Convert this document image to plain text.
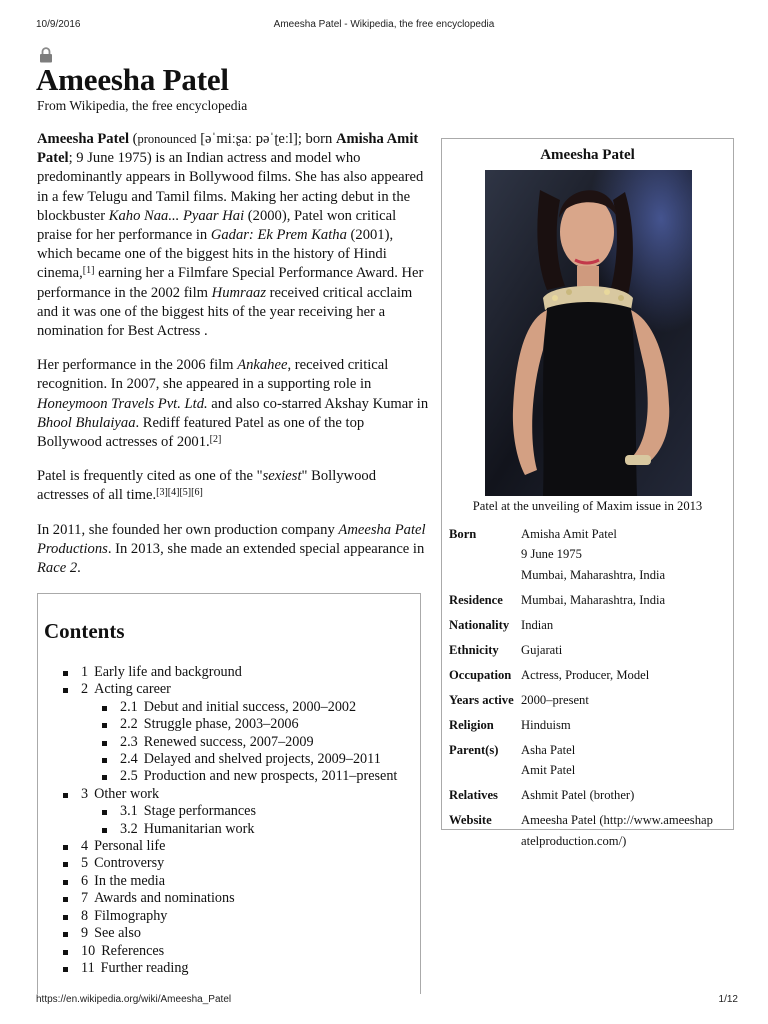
10/9/2016	Ameesha Patel - Wikipedia, the free encyclopedia
Ameesha Patel
From Wikipedia, the free encyclopedia

Ameesha Patel (pronounced [əˈmiːʂaː pəˈʈeːl]; born Amisha Amit Patel; 9 June 1975) is an Indian actress and model who predominantly appears in Bollywood films. She has also appeared in a few Telugu and Tamil films. Making her acting debut in the blockbuster Kaho Naa... Pyaar Hai (2000), Patel won critical praise for her performance in Gadar: Ek Prem Katha (2001), which became one of the biggest hits in the history of Hindi cinema,[1] earning her a Filmfare Special Performance Award. Her performance in the 2002 film Humraaz received critical acclaim and it was one of the biggest hits of the year receiving her a nomination for Best Actress .

Her performance in the 2006 film Ankahee, received critical recognition. In 2007, she appeared in a supporting role in Honeymoon Travels Pvt. Ltd. and also co-starred Akshay Kumar in Bhool Bhulaiyaa. Rediff featured Patel as one of the top Bollywood actresses of 2001.[2]

Patel is frequently cited as one of the "sexiest" Bollywood actresses of all time.[3][4][5][6]

In 2011, she founded her own production company Ameesha Patel Productions. In 2013, she made an extended special appearance in Race 2.

Contents
1 Early life and background
2 Acting career
2.1 Debut and initial success, 2000–2002
2.2 Struggle phase, 2003–2006
2.3 Renewed success, 2007–2009
2.4 Delayed and shelved projects, 2009–2011
2.5 Production and new prospects, 2011–present
3 Other work
3.1 Stage performances
3.2 Humanitarian work
4 Personal life
5 Controversy
6 In the media
7 Awards and nominations
8 Filmography
9 See also
10 References
11 Further reading
Ameesha Patel
Patel at the unveiling of Maxim issue in 2013
Born	Amisha Amit Patel
9 June 1975
Mumbai, Maharashtra, India
Residence	Mumbai, Maharashtra, India
Nationality Indian
Ethnicity	Gujarati
Occupation Actress, Producer, Model
Years active 2000–present
Religion	Hinduism
Parent(s)	Asha Patel
Amit Patel
Relatives	Ashmit Patel (brother)
Website	Ameesha Patel (http://www.ameeshap
atelproduction.com/)
https://en.wikipedia.org/wiki/Ameesha_Patel	1/12
